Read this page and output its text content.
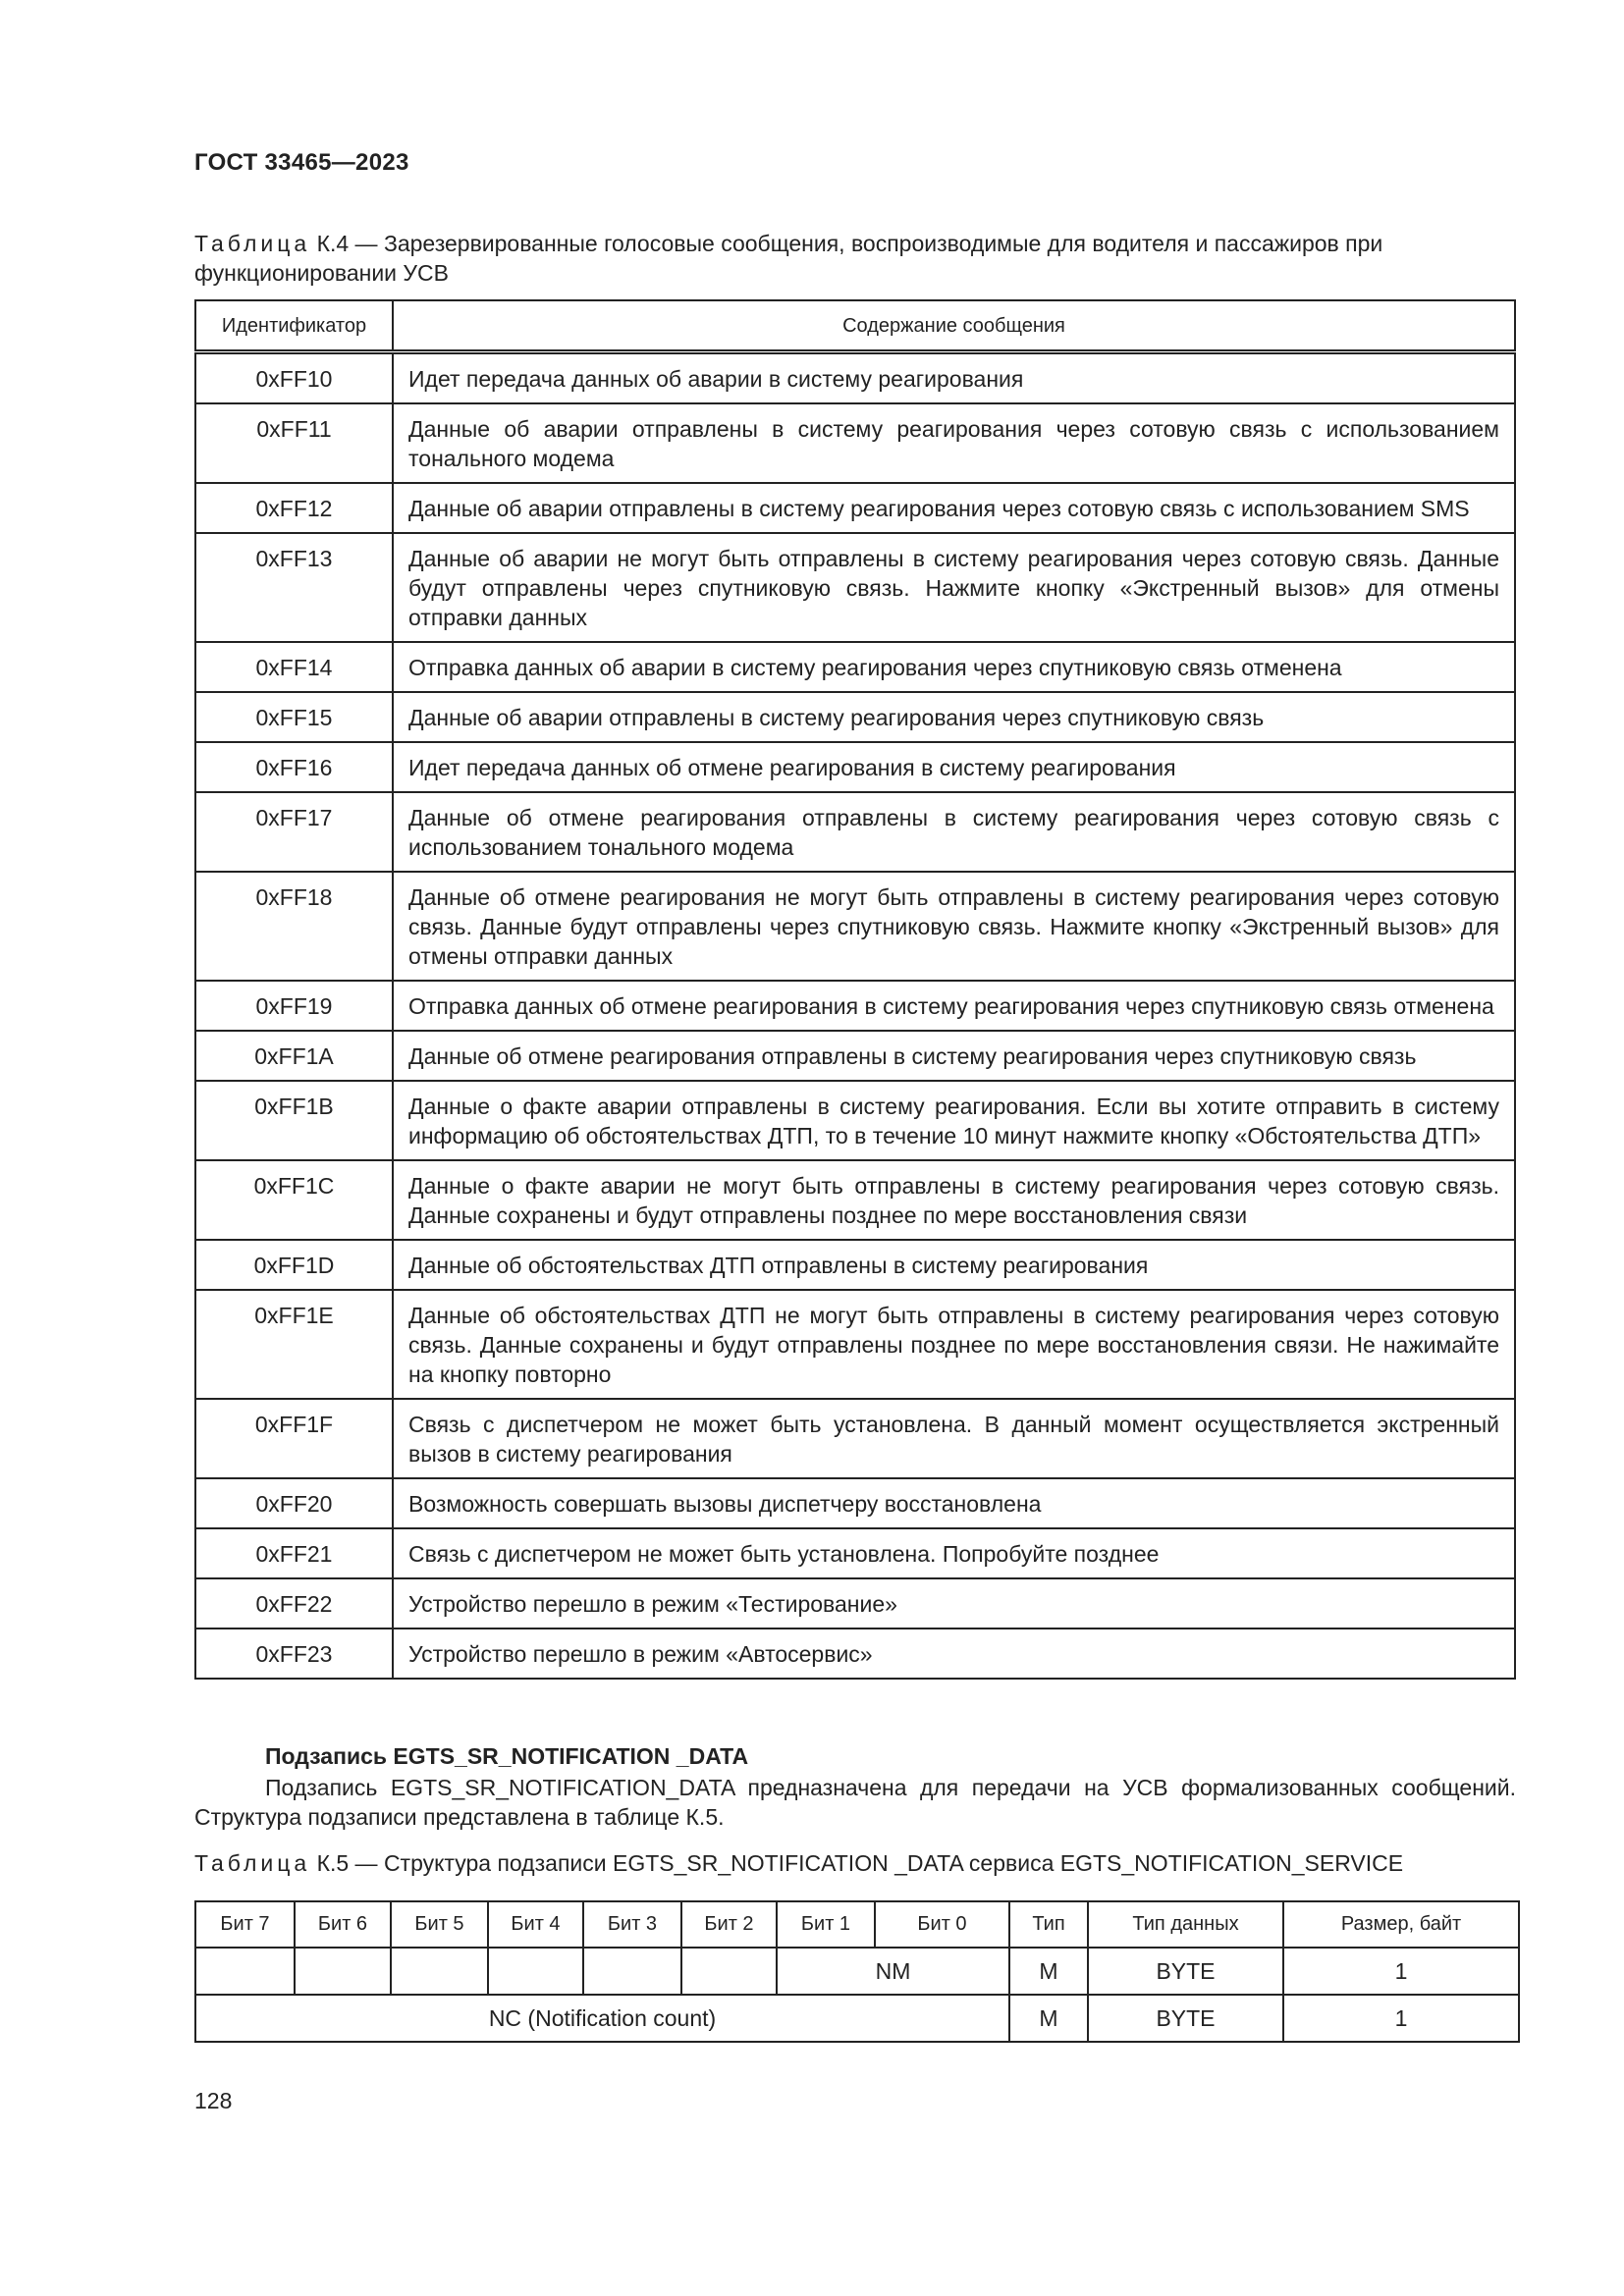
ГОСТ 33465—2023
Таблица К.4 — Зарезервированные голосовые сообщения, воспроизводимые для водителя и пассажиров при функционировании УСВ
Идентификатор	Содержание сообщения
0xFF10	Идет передача данных об аварии в систему реагирования
0xFF11	Данные об аварии отправлены в систему реагирования через сотовую связь с использованием тонального модема
0xFF12	Данные об аварии отправлены в систему реагирования через сотовую связь с использованием SMS
0xFF13	Данные об аварии не могут быть отправлены в систему реагирования через сотовую связь. Данные будут отправлены через спутниковую связь. Нажмите кнопку «Экстренный вызов» для отмены отправки данных
0xFF14	Отправка данных об аварии в систему реагирования через спутниковую связь отменена
0xFF15	Данные об аварии отправлены в систему реагирования через спутниковую связь
0xFF16	Идет передача данных об отмене реагирования в систему реагирования
0xFF17	Данные об отмене реагирования отправлены в систему реагирования через сотовую связь с использованием тонального модема
0xFF18	Данные об отмене реагирования не могут быть отправлены в систему реагирования через сотовую связь. Данные будут отправлены через спутниковую связь. Нажмите кнопку «Экстренный вызов» для отмены отправки данных
0xFF19	Отправка данных об отмене реагирования в систему реагирования через спутниковую связь отменена
0xFF1A	Данные об отмене реагирования отправлены в систему реагирования через спутниковую связь
0xFF1B	Данные о факте аварии отправлены в систему реагирования. Если вы хотите отправить в систему информацию об обстоятельствах ДТП, то в течение 10 минут нажмите кнопку «Обстоятельства ДТП»
0xFF1C	Данные о факте аварии не могут быть отправлены в систему реагирования через сотовую связь. Данные сохранены и будут отправлены позднее по мере восстановления связи
0xFF1D	Данные об обстоятельствах ДТП отправлены в систему реагирования
0xFF1E	Данные об обстоятельствах ДТП не могут быть отправлены в систему реагирования через сотовую связь. Данные сохранены и будут отправлены позднее по мере восстановления связи. Не нажимайте на кнопку повторно
0xFF1F	Связь с диспетчером не может быть установлена. В данный момент осуществляется экстренный вызов в систему реагирования
0xFF20	Возможность совершать вызовы диспетчеру восстановлена
0xFF21	Связь с диспетчером не может быть установлена. Попробуйте позднее
0xFF22	Устройство перешло в режим «Тестирование»
0xFF23	Устройство перешло в режим «Автосервис»
Подзапись EGTS_SR_NOTIFICATION _DATA
Подзапись EGTS_SR_NOTIFICATION_DATA предназначена для передачи на УСВ формализованных сообщений. Структура подзаписи представлена в таблице К.5.
Таблица К.5 — Структура подзаписи EGTS_SR_NOTIFICATION _DATA сервиса EGTS_NOTIFICATION_SERVICE
Бит 7	Бит 6	Бит 5	Бит 4	Бит 3	Бит 2	Бит 1	Бит 0	Тип	Тип данных	Размер, байт
						NM		M	BYTE	1
NC (Notification count)								M	BYTE	1
128
